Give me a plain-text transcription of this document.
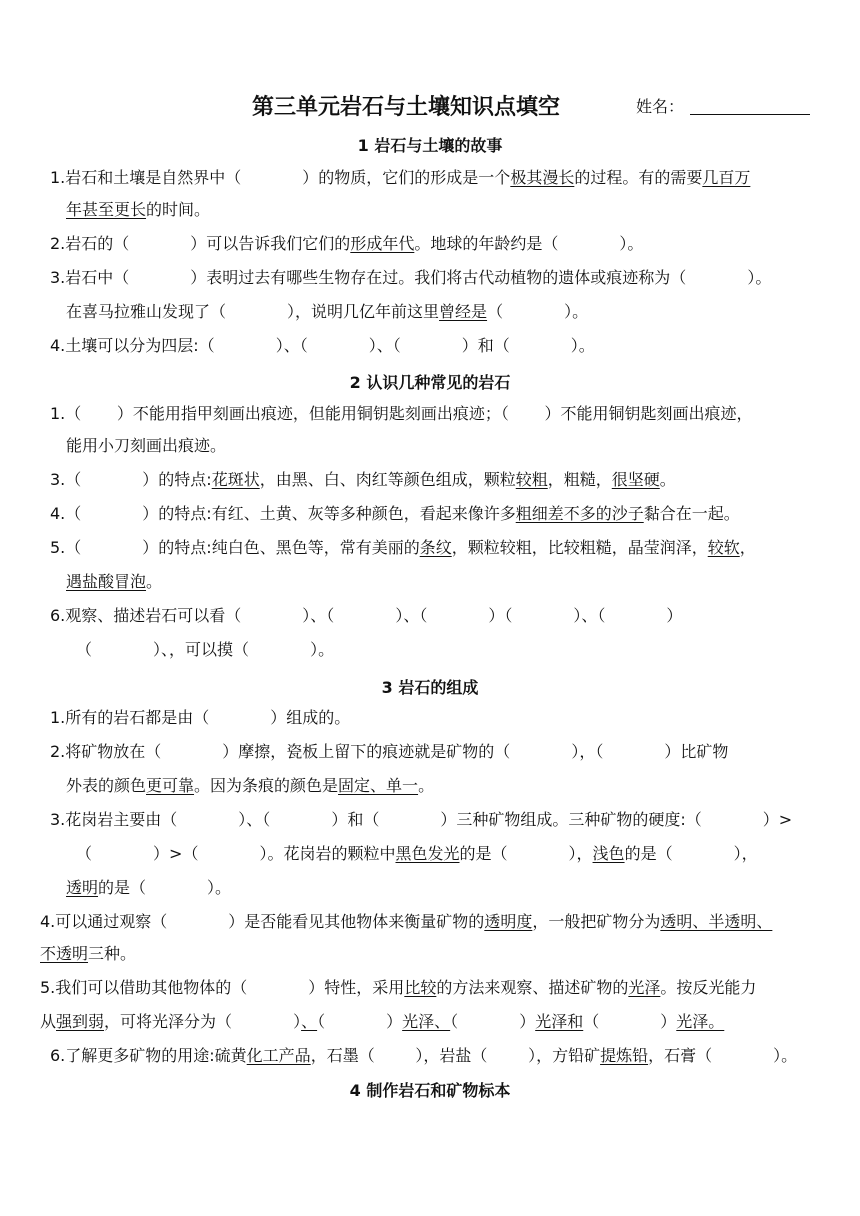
第三单元岩石与土壤知识点填空	姓名：
1 岩石与土壤的故事
2 认识几种常见的岩石
3 岩石的组成
4 制作岩石和矿物标本
1.岩石和土壤是自然界中（            ）的物质，它们的形成是一个极其漫长的过程。有的需要几百万
年甚至更长的时间。
2.岩石的（            ）可以告诉我们它们的形成年代。地球的年龄约是（            ）。
3.岩石中（            ）表明过去有哪些生物存在过。我们将古代动植物的遗体或痕迹称为（            ）。
在喜马拉雅山发现了（            ），说明几亿年前这里曾经是（            ）。
4.土壤可以分为四层:（            ）、（            ）、（            ）和（            ）。
1.（       ）不能用指甲刻画出痕迹，但能用铜钥匙刻画出痕迹；（       ）不能用铜钥匙刻画出痕迹，
能用小刀刻画出痕迹。
3.（            ）的特点:花斑状，由黑、白、肉红等颜色组成，颗粒较粗，粗糙，很坚硬。
4.（            ）的特点:有红、土黄、灰等多种颜色，看起来像许多粗细差不多的沙子黏合在一起。
5.（            ）的特点:纯白色、黑色等，常有美丽的条纹，颗粒较粗，比较粗糙，晶莹润泽，较软，
遇盐酸冒泡。
6.观察、描述岩石可以看（            ）、（            ）、（            ）（            ）、（            ）
（            ）、，可以摸（            ）。
1.所有的岩石都是由（            ）组成的。
2.将矿物放在（            ）摩擦，瓷板上留下的痕迹就是矿物的（            ），（            ）比矿物
外表的颜色更可靠。因为条痕的颜色是固定、单一。
3.花岗岩主要由（            ）、（            ）和（            ）三种矿物组成。三种矿物的硬度:（            ）>
（            ）>（            ）。花岗岩的颗粒中黑色发光的是（            ），浅色的是（            ），
透明的是（            ）。
4.可以通过观察（            ）是否能看见其他物体来衡量矿物的透明度，一般把矿物分为透明、半透明、
不透明三种。
5.我们可以借助其他物体的（            ）特性，采用比较的方法来观察、描述矿物的光泽。按反光能力
从强到弱，可将光泽分为（            ）、（            ）光泽、（            ）光泽和（            ）光泽。
6.了解更多矿物的用途:硫黄化工产品，石墨（        ），岩盐（        ），方铅矿提炼铅，石膏（            ）。
